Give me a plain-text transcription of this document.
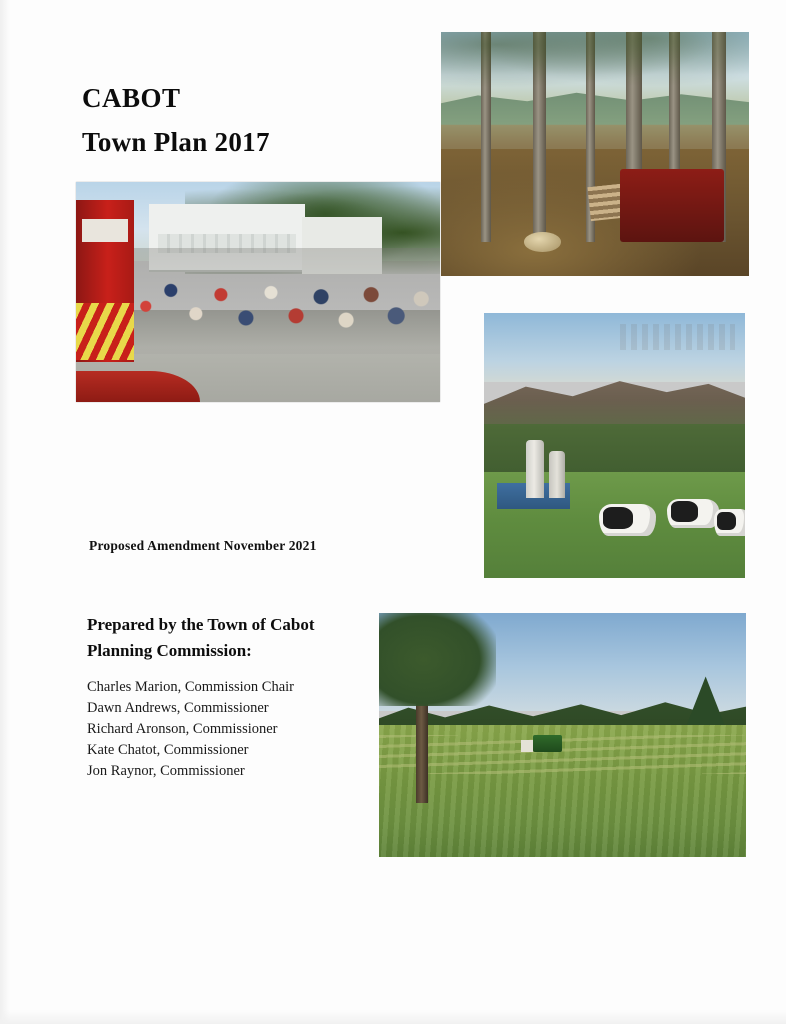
CABOT
Town Plan 2017
Proposed Amendment November 2021
Prepared by the Town of Cabot
Planning Commission:
Charles Marion, Commission Chair
Dawn Andrews, Commissioner
Richard Aronson, Commissioner
Kate Chatot, Commissioner
Jon Raynor, Commissioner
